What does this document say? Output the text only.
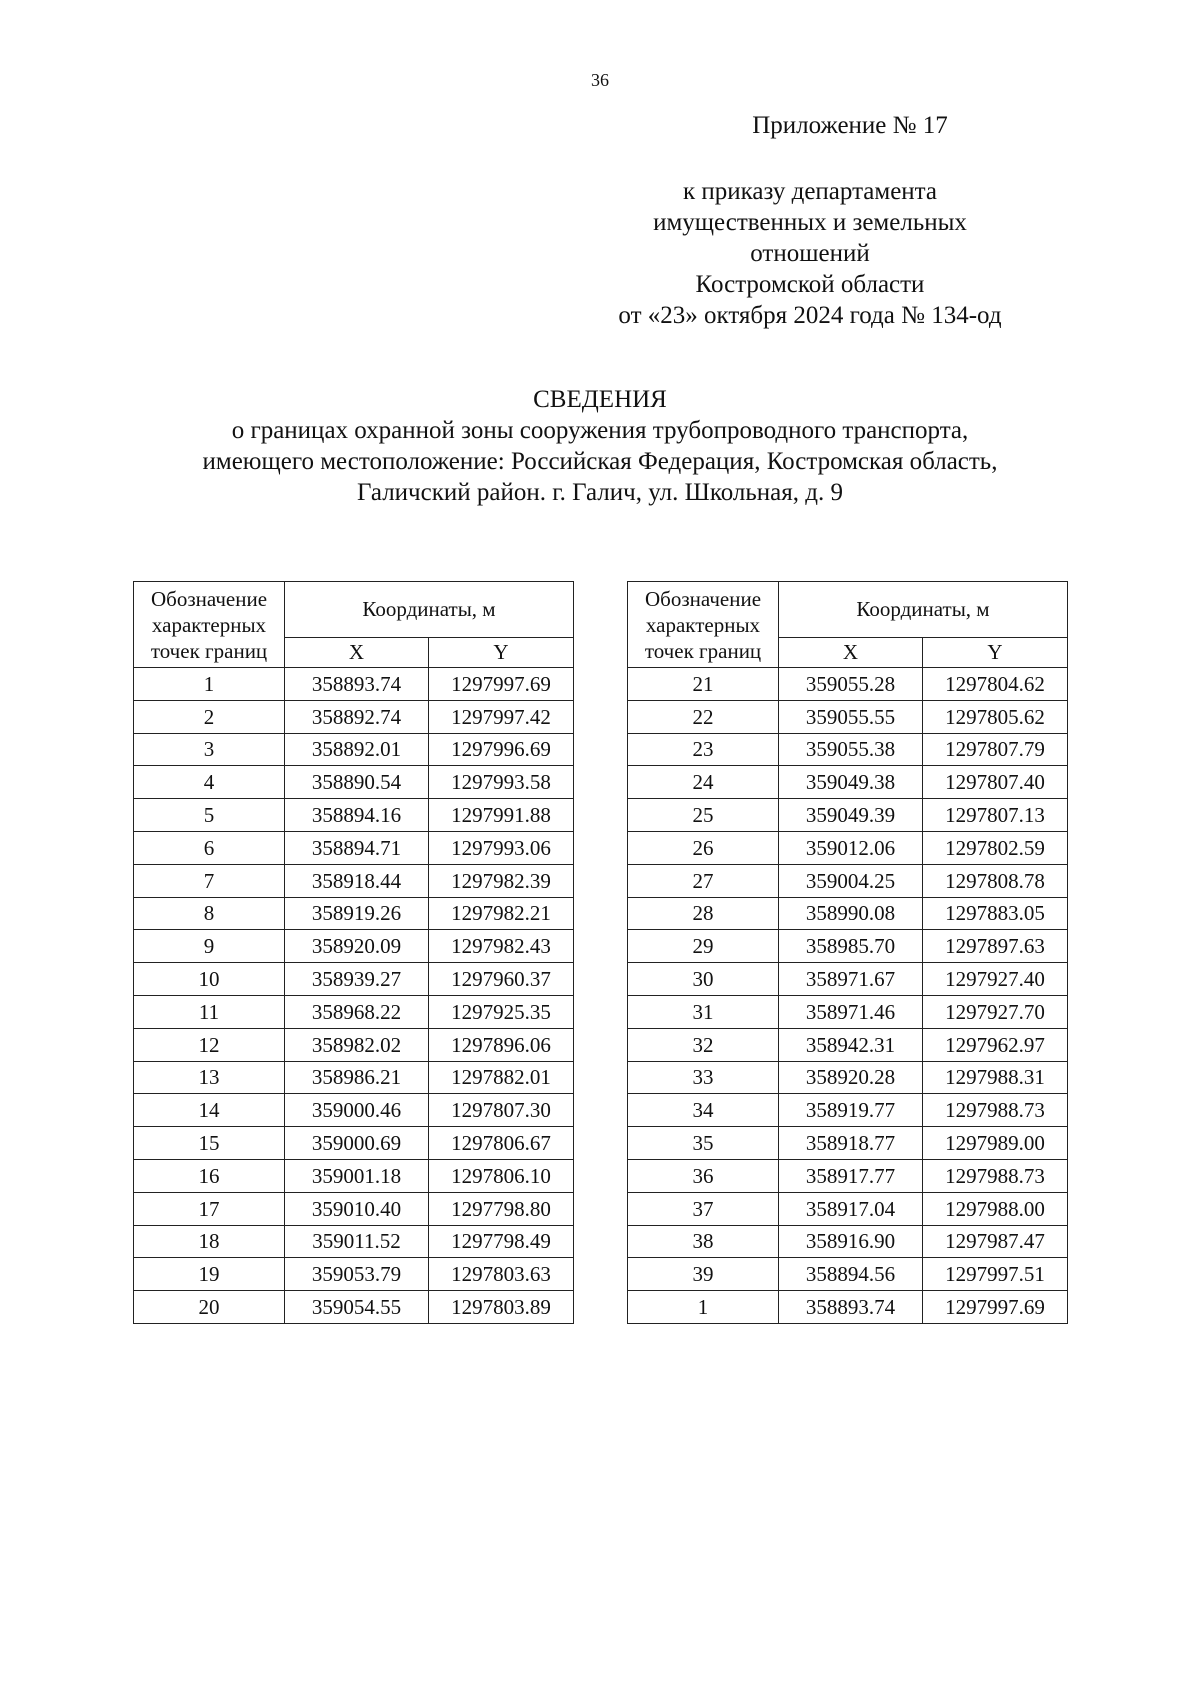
36
Приложение № 17
к приказу департамента
имущественных и земельных
отношений
Костромской области
от «23» октября 2024 года № 134-од
СВЕДЕНИЯ
о границах охранной зоны сооружения трубопроводного транспорта,
имеющего местоположение: Российская Федерация, Костромская область,
Галичский район. г. Галич, ул. Школьная, д. 9
Обозначение характерных точек границ	Координаты, м	
	X	Y
1	358893.74	1297997.69
2	358892.74	1297997.42
3	358892.01	1297996.69
4	358890.54	1297993.58
5	358894.16	1297991.88
6	358894.71	1297993.06
7	358918.44	1297982.39
8	358919.26	1297982.21
9	358920.09	1297982.43
10	358939.27	1297960.37
11	358968.22	1297925.35
12	358982.02	1297896.06
13	358986.21	1297882.01
14	359000.46	1297807.30
15	359000.69	1297806.67
16	359001.18	1297806.10
17	359010.40	1297798.80
18	359011.52	1297798.49
19	359053.79	1297803.63
20	359054.55	1297803.89
Обозначение характерных точек границ	Координаты, м	
	X	Y
21	359055.28	1297804.62
22	359055.55	1297805.62
23	359055.38	1297807.79
24	359049.38	1297807.40
25	359049.39	1297807.13
26	359012.06	1297802.59
27	359004.25	1297808.78
28	358990.08	1297883.05
29	358985.70	1297897.63
30	358971.67	1297927.40
31	358971.46	1297927.70
32	358942.31	1297962.97
33	358920.28	1297988.31
34	358919.77	1297988.73
35	358918.77	1297989.00
36	358917.77	1297988.73
37	358917.04	1297988.00
38	358916.90	1297987.47
39	358894.56	1297997.51
1	358893.74	1297997.69
